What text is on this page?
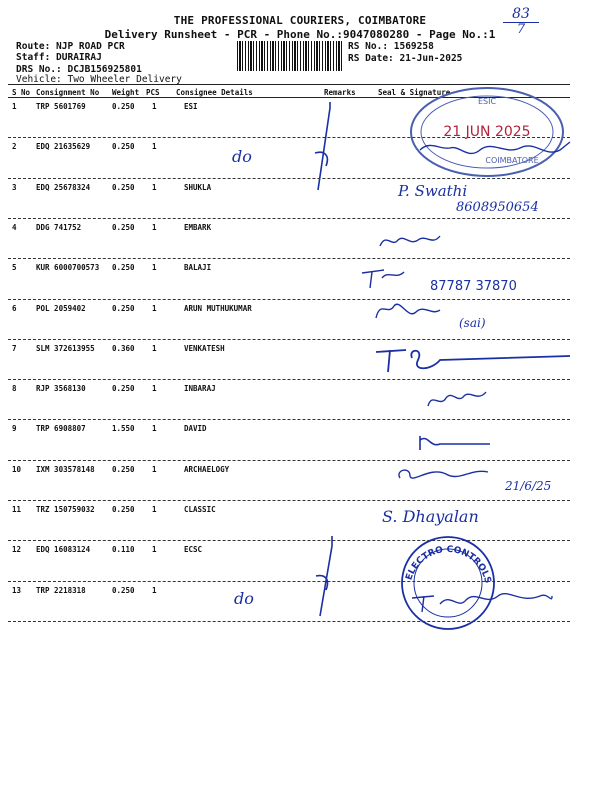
$\frac{83}{7}$
THE PROFESSIONAL COURIERS, COIMBATORE
Delivery Runsheet - PCR - Phone No.:9047080280 - Page No.:1
Route: NJP ROAD PCR
Staff: DURAIRAJ
DRS No.: DCJB156925801
Vehicle: Two Wheeler Delivery
RS No.: 1569258
RS Date: 21-Jun-2025
S No Consignment No Weight PCS Consignee Details	Remarks	Seal & Signature
1	TRP 5601769	0.250 1	ESI
2	EDQ 21635629	0.250 1
3	EDQ 25678324	0.250 1	SHUKLA
4	DDG 741752	0.250 1	EMBARK
5	KUR 6000700573 0.250 1	BALAJI
6	POL 2059402	0.250 1	ARUN MUTHUKUMAR
7	SLM 372613955 0.360 1	VENKATESH
8	RJP 3568130	0.250 1	INBARAJ
9	TRP 6908807	1.550 1	DAVID
10 IXM 303578148 0.250 1	ARCHAELOGY
11 TRZ 150759032 0.250 1	CLASSIC
12 EDQ 16083124	0.110 1	ECSC
13 TRP 2218318	0.250 1
21 JUN 2025
ESIC
COIMBATORE
do
P. Swathi
8608950654
87787 37870
(sai)
21/6/25
S. Dhayalan
do
ELECTRO CONTROLS
